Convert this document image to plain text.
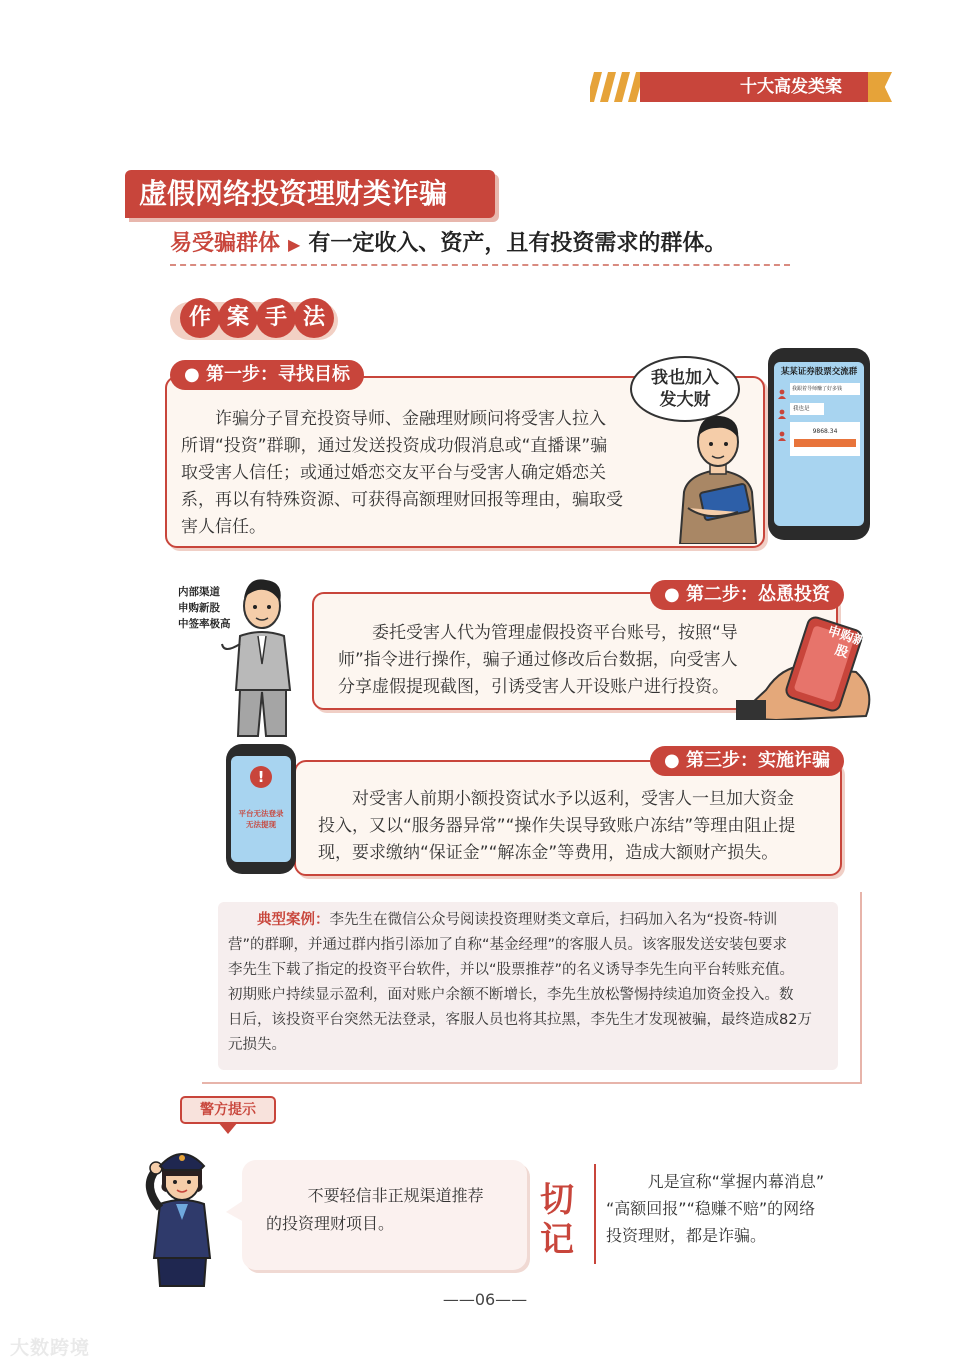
十大高发类案
虚假网络投资理财类诈骗
易受骗群体 ▶ 有一定收入、资产，且有投资需求的群体。
作 案 手 法
诈骗分子冒充投资导师、金融理财顾问将受害人拉入
所谓“投资”群聊，通过发送投资成功假消息或“直播课”骗
取受害人信任；或通过婚恋交友平台与受害人确定婚恋关
系，再以有特殊资源、可获得高额理财回报等理由，骗取受
害人信任。
● 第一步：寻找目标	我也加入
发大财
某某证券股票交流群
我跟着导师赚了好多钱
我也是
9868.34
委托受害人代为管理虚假投资平台账号，按照“导
师”指令进行操作，骗子通过修改后台数据，向受害人
分享虚假提现截图，引诱受害人开设账户进行投资。
● 第二步：怂恿投资
内部渠道
申购新股
中签率极高	申购新股
对受害人前期小额投资试水予以返利，受害人一旦加大资金
投入，又以“服务器异常”“操作失误导致账户冻结”等理由阻止提
现，要求缴纳“保证金”“解冻金”等费用，造成大额财产损失。
● 第三步：实施诈骗
!
平台无法登录
无法提现
典型案例：李先生在微信公众号阅读投资理财类文章后，扫码加入名为“投资-特训
营”的群聊，并通过群内指引添加了自称“基金经理”的客服人员。该客服发送安装包要求
李先生下载了指定的投资平台软件，并以“股票推荐”的名义诱导李先生向平台转账充值。
初期账户持续显示盈利，面对账户余额不断增长，李先生放松警惕持续追加资金投入。数
日后，该投资平台突然无法登录，客服人员也将其拉黑，李先生才发现被骗，最终造成82万
元损失。
警方提示
不要轻信非正规渠道推荐
的投资理财项目。
切
记
凡是宣称“掌握内幕消息”
“高额回报”“稳赚不赔”的网络
投资理财，都是诈骗。
——06——
大数跨境
